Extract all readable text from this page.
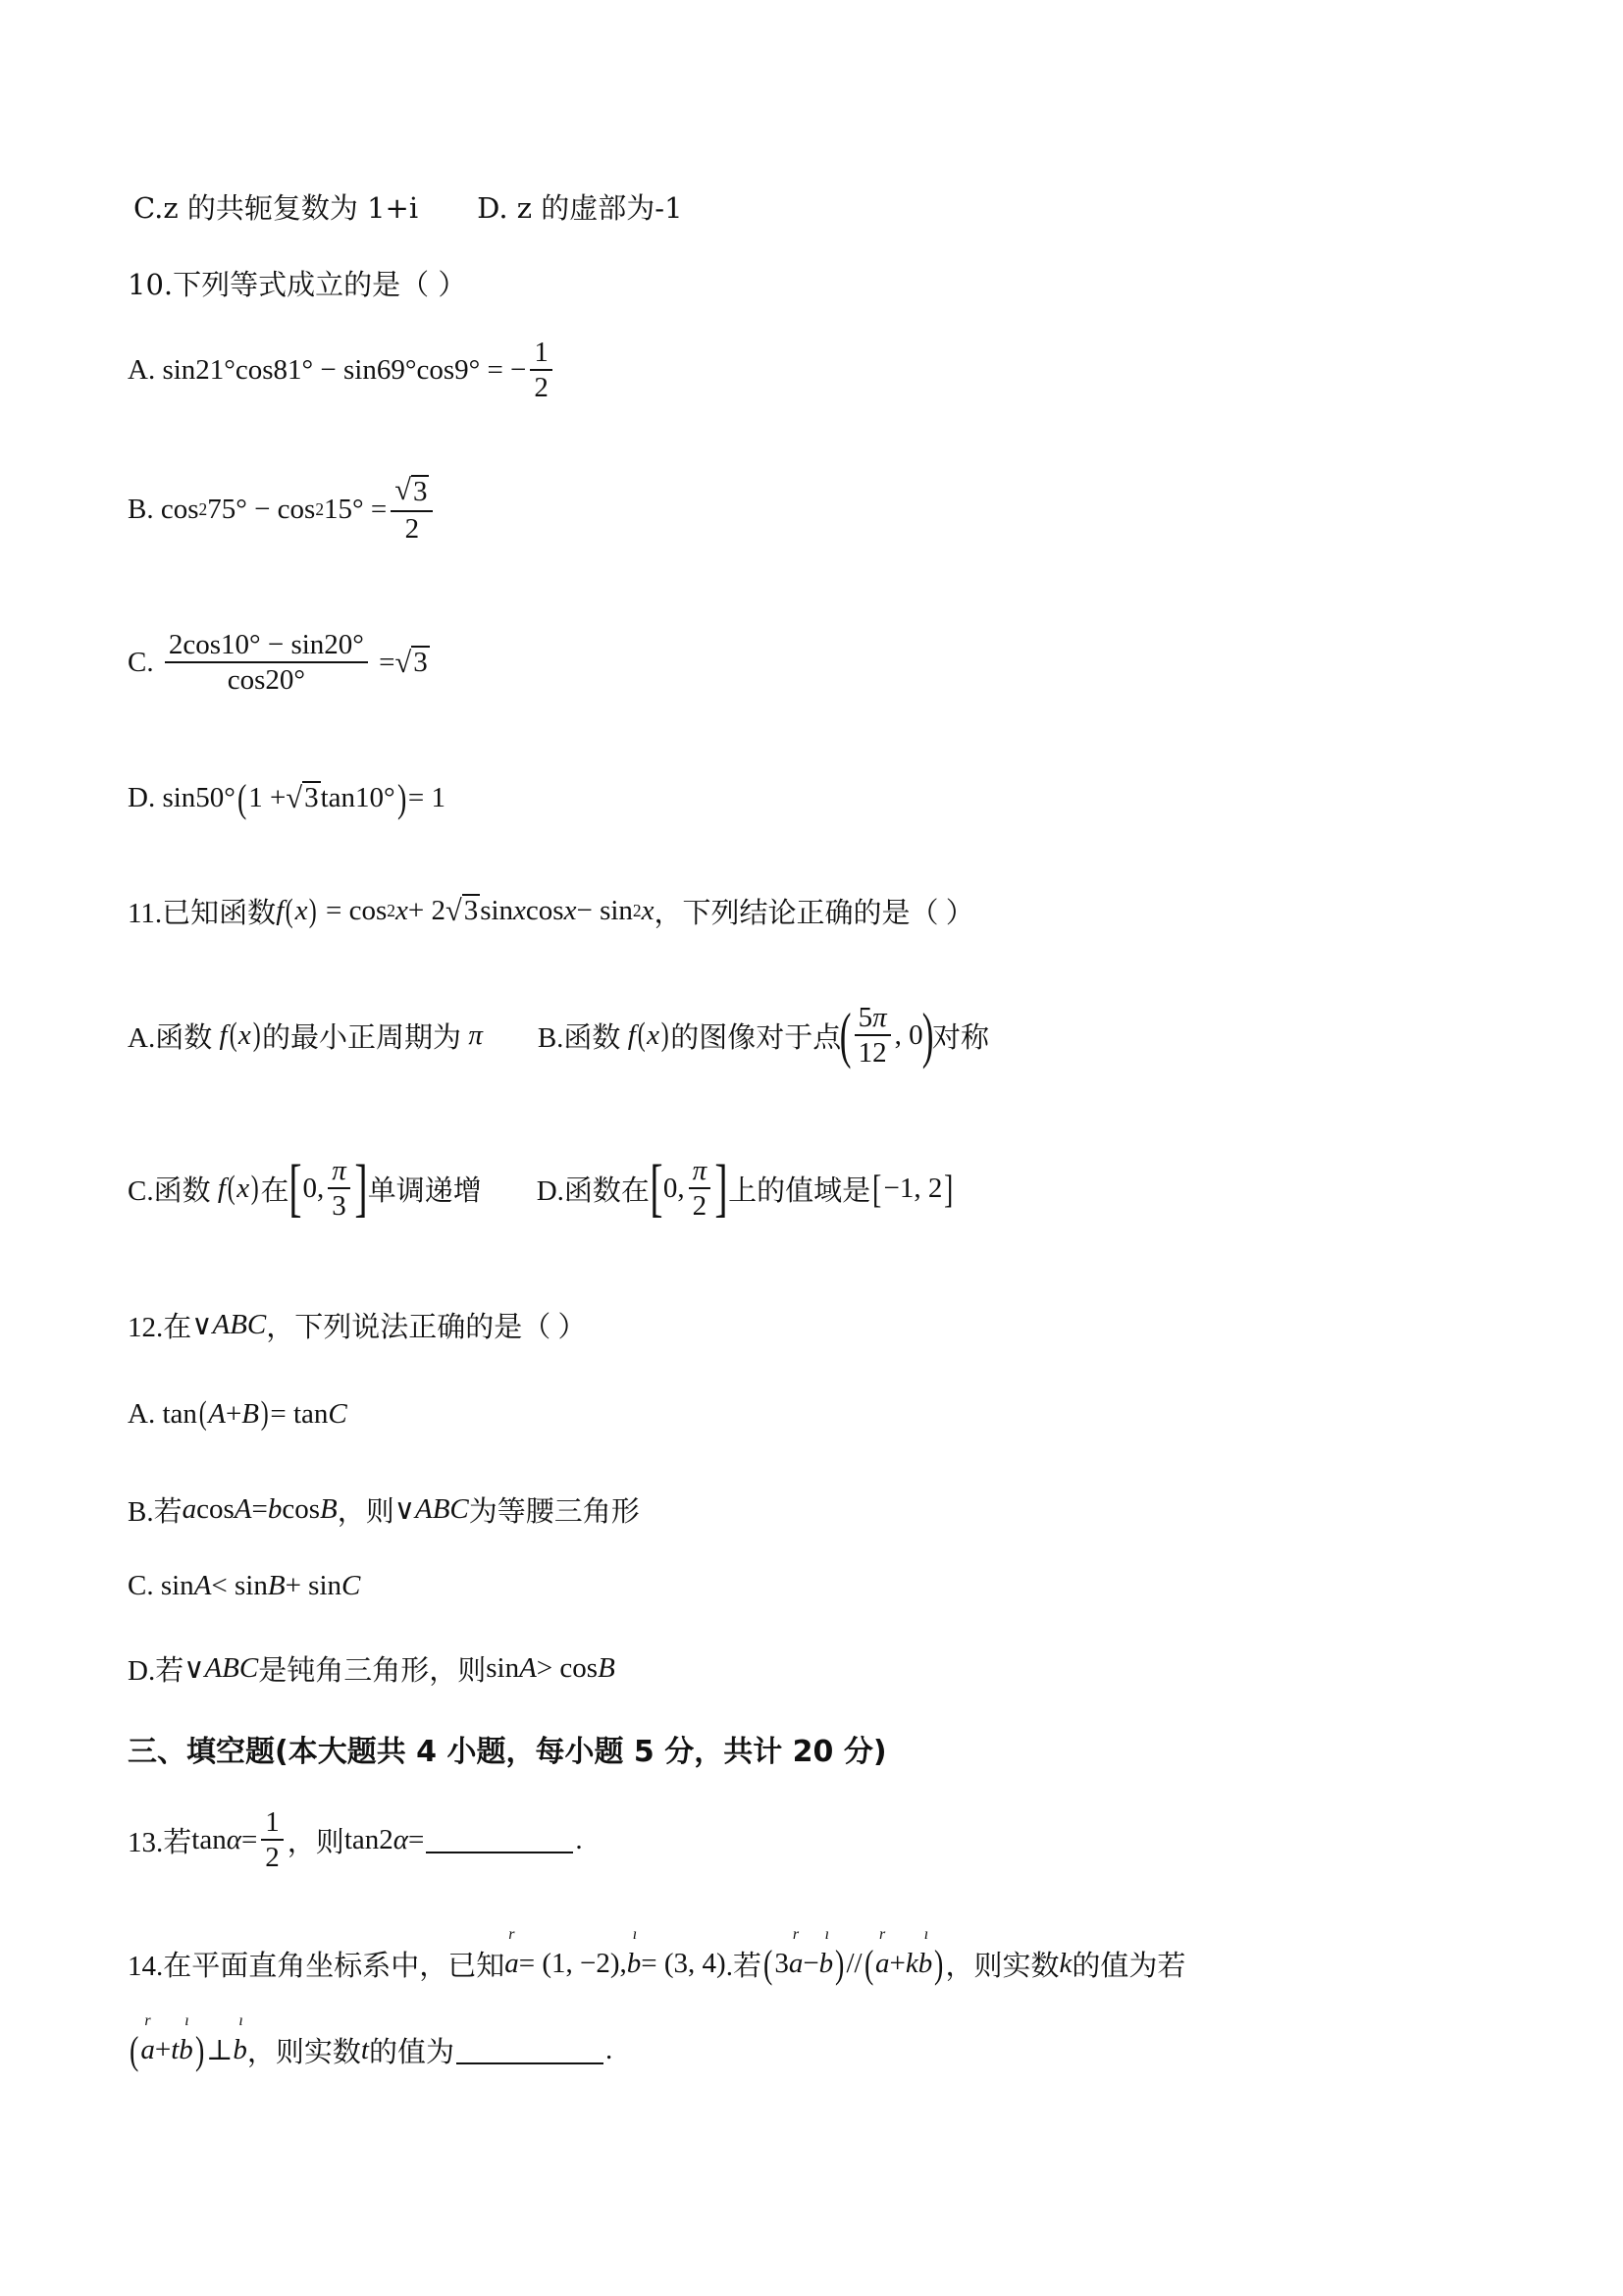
C.z 的共轭复数为 1+i D. z 的虚部为-1
10.下列等式成立的是（ ）
A. sin21°cos81° − sin69°cos9° = − $\frac{1}{2}$
B. cos 2 75° − cos 2 $15^\circ = \frac{√ 3}{2}$
C.
$\frac{2\cos 10^\circ - \sin 20^\circ}{\cos 20^\circ}$ = √ 3
D. sin50° ( 1 + √ 3 tan10° ) = 1
11.已知函数 f ( x ) = cos 2 x + 2 √ 3 sin x cos x − sin 2 x ，下列结论正确的是（ ）
A.函数
f ( x ) 的最小正周期为
π B.函数
f ( x ) 的图像对于点
( $\frac{5\pi}{12}$ , 0
)
对称
C.函数
f ( x ) 在 [ 0, $\frac{\pi}{3}$ ] 单调递增 D.函数在 [ 0, $\frac{\pi}{2}$ ] 上的值域是 [ −1, 2 ]
12.在 ∨ ABC ，下列说法正确的是（ ）
A. tan ( A + B ) = tan C
B.若 a cos A = b cos B ，则 ∨ ABC 为等腰三角形
C. sin A < sin B + sin C
D.若 ∨ ABC 是钝角三角形，则 sin A > cos B
三、填空题(本大题共 4 小题，每小题 5 分，共计 20 分)
13.若 $\tan \alpha = \frac{1}{2}$ ，则 tan2 α =	.
14.在平面直角坐标系中，已知 r a = (1, −2), ı b = (3, 4) .若 ( 3 r a − ı b ) // ( r a + k ı b ) ，则实数 k 的值为若
( r a + t ı b ) ⊥ ı b ，则实数 t 的值为	.
